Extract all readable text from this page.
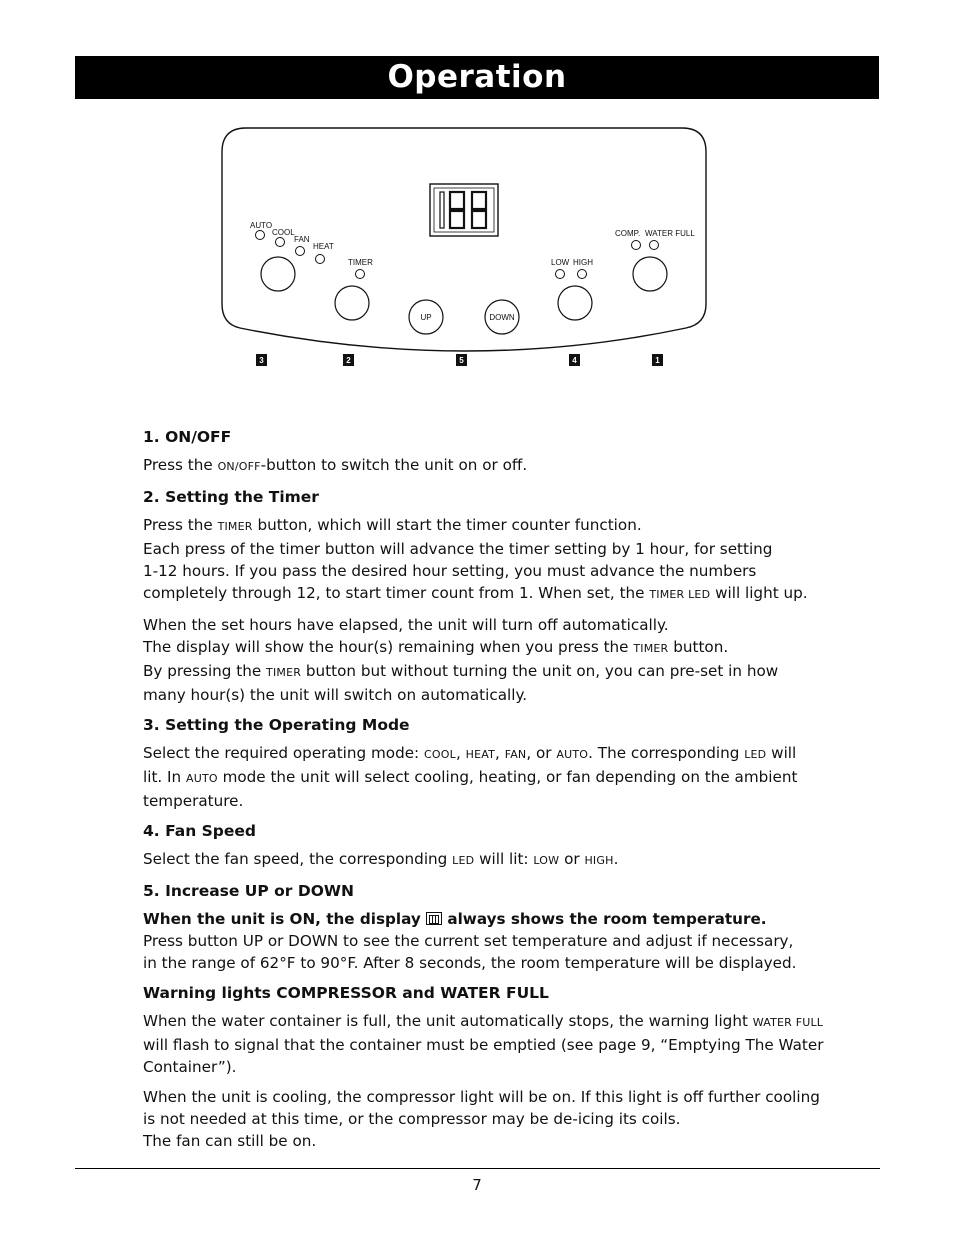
Operation
AUTO
COOL
FAN
HEAT
TIMER
UP	DOWN
LOW HIGH
COMP. WATER FULL
3	2	5	4	1
1. ON/OFF

Press the ON/OFF-button to switch the unit on or off.

2. Setting the Timer

Press the TIMER button, which will start the timer counter function.
Each press of the timer button will advance the timer setting by 1 hour, for setting
1-12 hours. If you pass the desired hour setting, you must advance the numbers
completely through 12, to start timer count from 1. When set, the TIMER LED will light up.

When the set hours have elapsed, the unit will turn off automatically.
The display will show the hour(s) remaining when you press the TIMER button.
By pressing the TIMER button but without turning the unit on, you can pre-set in how
many hour(s) the unit will switch on automatically.

3. Setting the Operating Mode

Select the required operating mode: COOL, HEAT, FAN, or AUTO. The corresponding LED will
lit. In AUTO mode the unit will select cooling, heating, or fan depending on the ambient
temperature.

4. Fan Speed

Select the fan speed, the corresponding LED will lit: LOW or HIGH.

5. Increase UP or DOWN

When the unit is ON, the display  always shows the room temperature.
Press button UP or DOWN to see the current set temperature and adjust if necessary,
in the range of 62°F to 90°F. After 8 seconds, the room temperature will be displayed.

Warning lights COMPRESSOR and WATER FULL

When the water container is full, the unit automatically stops, the warning light WATER FULL
will flash to signal that the container must be emptied (see page 9, “Emptying The Water
Container”).

When the unit is cooling, the compressor light will be on. If this light is off further cooling
is not needed at this time, or the compressor may be de-icing its coils.
The fan can still be on.

7
